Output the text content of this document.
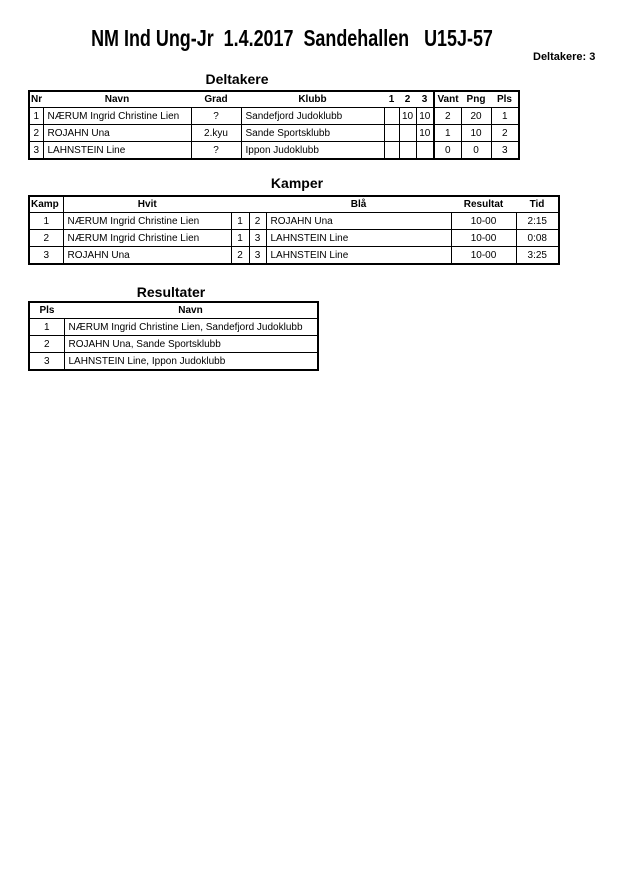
NM Ind Ung-Jr  1.4.2017  Sandehallen   U15J-57
Deltakere: 3
Deltakere
Nr	Navn	Grad	Klubb	1	2	3	Vant	Png	Pls
1	NÆRUM Ingrid Christine Lien	?	Sandefjord Judoklubb		10	10	2	20	1
2	ROJAHN Una	2.kyu	Sande Sportsklubb			10	1	10	2
3	LAHNSTEIN Line	?	Ippon Judoklubb				0	0	3
Kamper
Kamp	Hvit			Blå	Resultat	Tid
1	NÆRUM Ingrid Christine Lien	1	2	ROJAHN Una	10-00	2:15
2	NÆRUM Ingrid Christine Lien	1	3	LAHNSTEIN Line	10-00	0:08
3	ROJAHN Una	2	3	LAHNSTEIN Line	10-00	3:25
Resultater
Pls	Navn
1	NÆRUM Ingrid Christine Lien, Sandefjord Judoklubb
2	ROJAHN Una, Sande Sportsklubb
3	LAHNSTEIN Line, Ippon Judoklubb
